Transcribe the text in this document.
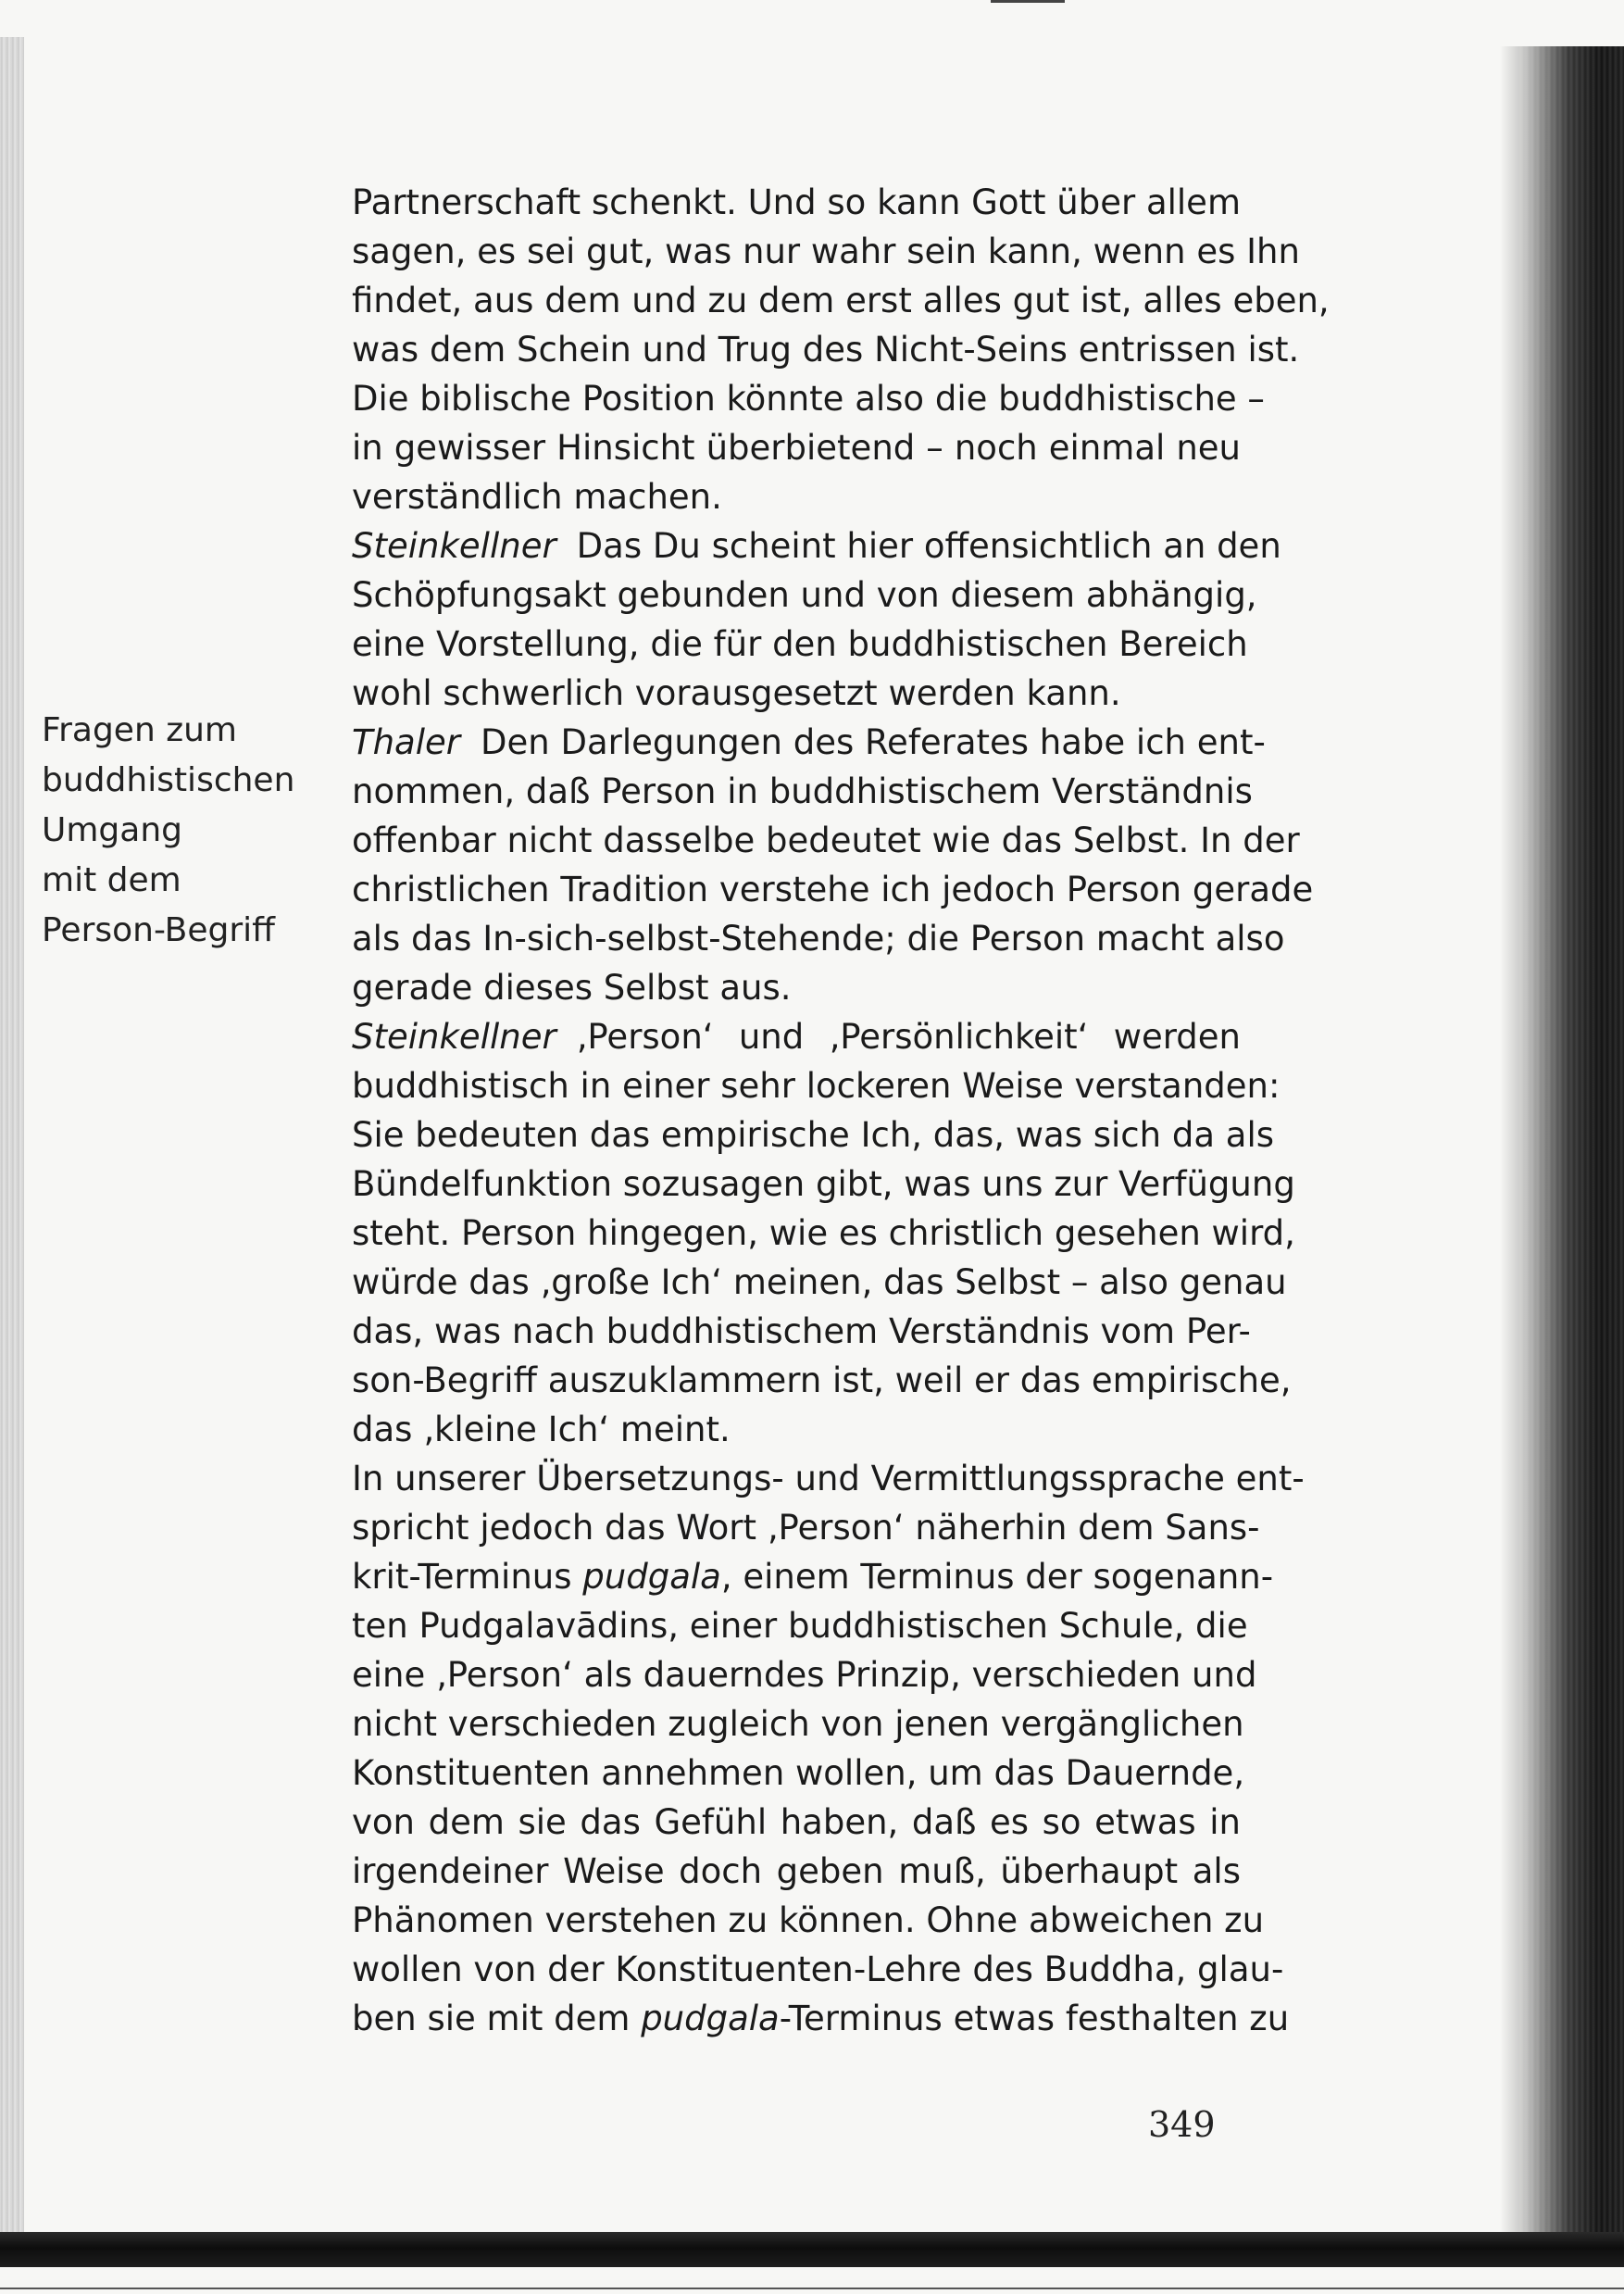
Fragen zum
buddhistischen
Umgang
mit dem
Person-Begriff
Partnerschaft schenkt. Und so kann Gott über allem
sagen, es sei gut, was nur wahr sein kann, wenn es Ihn
findet, aus dem und zu dem erst alles gut ist, alles eben,
was dem Schein und Trug des Nicht-Seins entrissen ist.
Die biblische Position könnte also die buddhistische –
in gewisser Hinsicht überbietend – noch einmal neu
verständlich machen.
Steinkellner Das Du scheint hier offensichtlich an den
Schöpfungsakt gebunden und von diesem abhängig,
eine Vorstellung, die für den buddhistischen Bereich
wohl schwerlich vorausgesetzt werden kann.
Thaler Den Darlegungen des Referates habe ich ent-
nommen, daß Person in buddhistischem Verständnis
offenbar nicht dasselbe bedeutet wie das Selbst. In der
christlichen Tradition verstehe ich jedoch Person gerade
als das In-sich-selbst-Stehende; die Person macht also
gerade dieses Selbst aus.
Steinkellner ‚Person‘ und ‚Persönlichkeit‘ werden
buddhistisch in einer sehr lockeren Weise verstanden:
Sie bedeuten das empirische Ich, das, was sich da als
Bündelfunktion sozusagen gibt, was uns zur Verfügung
steht. Person hingegen, wie es christlich gesehen wird,
würde das ‚große Ich‘ meinen, das Selbst – also genau
das, was nach buddhistischem Verständnis vom Per-
son-Begriff auszuklammern ist, weil er das empirische,
das ‚kleine Ich‘ meint.
In unserer Übersetzungs- und Vermittlungssprache ent-
spricht jedoch das Wort ‚Person‘ näherhin dem Sans-
krit-Terminus pudgala, einem Terminus der sogenann-
ten Pudgalavādins, einer buddhistischen Schule, die
eine ‚Person‘ als dauerndes Prinzip, verschieden und
nicht verschieden zugleich von jenen vergänglichen
Konstituenten annehmen wollen, um das Dauernde,
von dem sie das Gefühl haben, daß es so etwas in
irgendeiner Weise doch geben muß, überhaupt als
Phänomen verstehen zu können. Ohne abweichen zu
wollen von der Konstituenten-Lehre des Buddha, glau-
ben sie mit dem pudgala-Terminus etwas festhalten zu
349
